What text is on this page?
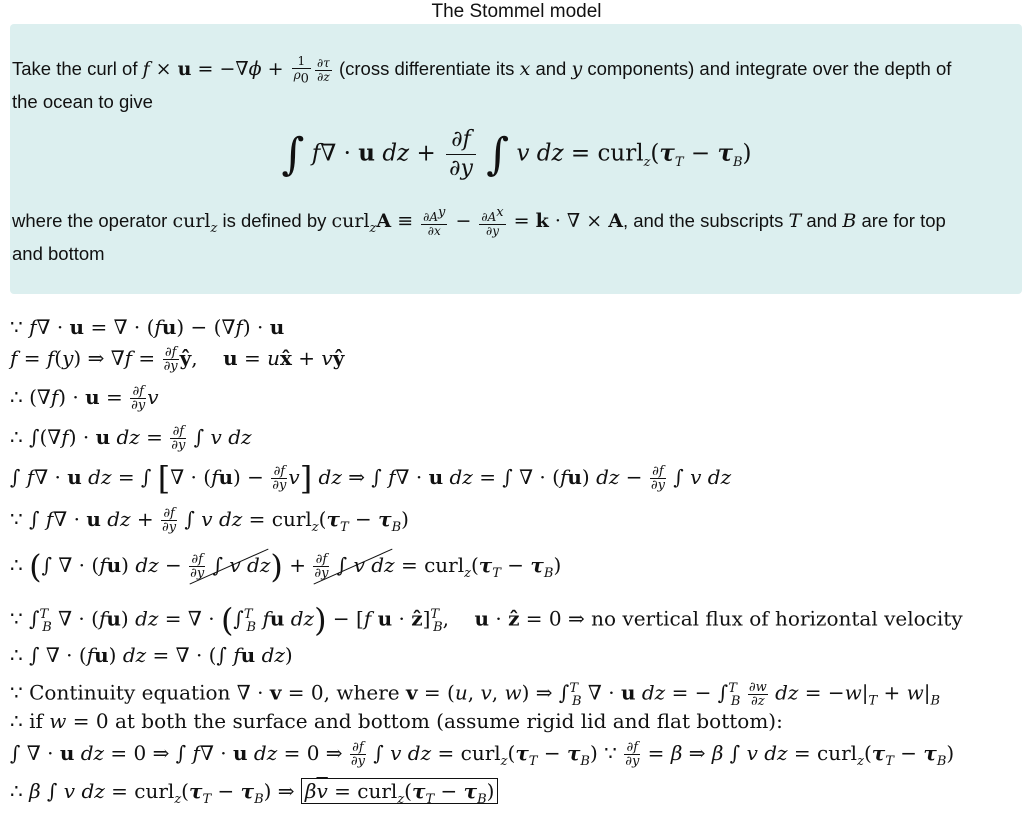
The Stommel model
Take the curl of $f \times u = -\nabla\phi + \frac{1}{\rho_0} \frac{\partial\tau}{\partial z}$ (cross differentiate its x and y components) and integrate over the depth of
the ocean to give
∫ f∇ · u dz + $\frac{\partial f}{\partial y}$ ∫ v dz = $curl_z(\tau_T - \tau_B)$
where the operator curl$_z$ is defined by curl$_z$A ≡ $\frac{\partial A^y}{\partial x} - \frac{\partial A^x}{\partial y} = k$ · ∇ × A, and the subscripts T and B are for top
and bottom
∵ f∇ · u = ∇ · (fu) − (∇f) · u
f = f(y) ⇒ $\nabla f = \frac{\partial f}{\partial y}$ ŷ,    u = ux̂ + vŷ
∴ $(\nabla f) \cdot u = \frac{\partial f}{\partial y}$ v
∴ ∫(∇f) · u dz = $\frac{\partial f}{\partial y}$ ∫ v dz
∫ f∇ · u dz = ∫ [∇ · $(fu) - \frac{\partial f}{\partial y} v$] dz ⇒ ∫ f∇ · u dz = ∫ ∇ · (fu) dz − $\frac{\partial f}{\partial y}$ ∫ v dz
∵ ∫ f∇ · u dz + $\frac{\partial f}{\partial y}$ ∫ v dz = $curl_z(\tau_T - \tau_B)$
∴ (∫ ∇ · (fu) dz − $\frac{\partial f}{\partial y}$ ∫ v $dz) + \frac{\partial f}{\partial y}$ ∫ v dz = $curl_z(\tau_T - \tau_B)$
∵ ∫$^T_B$ ∇ · (fu) dz = ∇ · (∫$^T_B$ fu dz) − [f u · ẑ]$^T_B$,    u · ẑ = 0 ⇒ no vertical flux of horizontal velocity
∴ ∫ ∇ · (fu) dz = ∇ · (∫ fu dz)
∵ Continuity equation ∇ · v = 0, where v = (u, v, w) ⇒ ∫$^T_B$ ∇ · u dz = − $\int^T_B \frac{\partial w}{\partial z}$ dz = $-w|_T + w|_B$
∴ if w = 0 at both the surface and bottom (assume rigid lid and flat bottom):
∫ ∇ · u dz = 0 ⇒ ∫ f∇ · u dz = 0 ⇒ $\frac{\partial f}{\partial y}$ ∫ v dz = $curl_z(\tau_T - \tau_B)$ ∵ $\frac{\partial f}{\partial y} = \beta$ ⇒ β ∫ v dz = $curl_z(\tau_T - \tau_B)$
∴ β ∫ v dz = $curl_z(\tau_T - \tau_B)$ ⇒ $\beta\overline{v}$ = $curl_z(\tau_T - \tau_B)$
